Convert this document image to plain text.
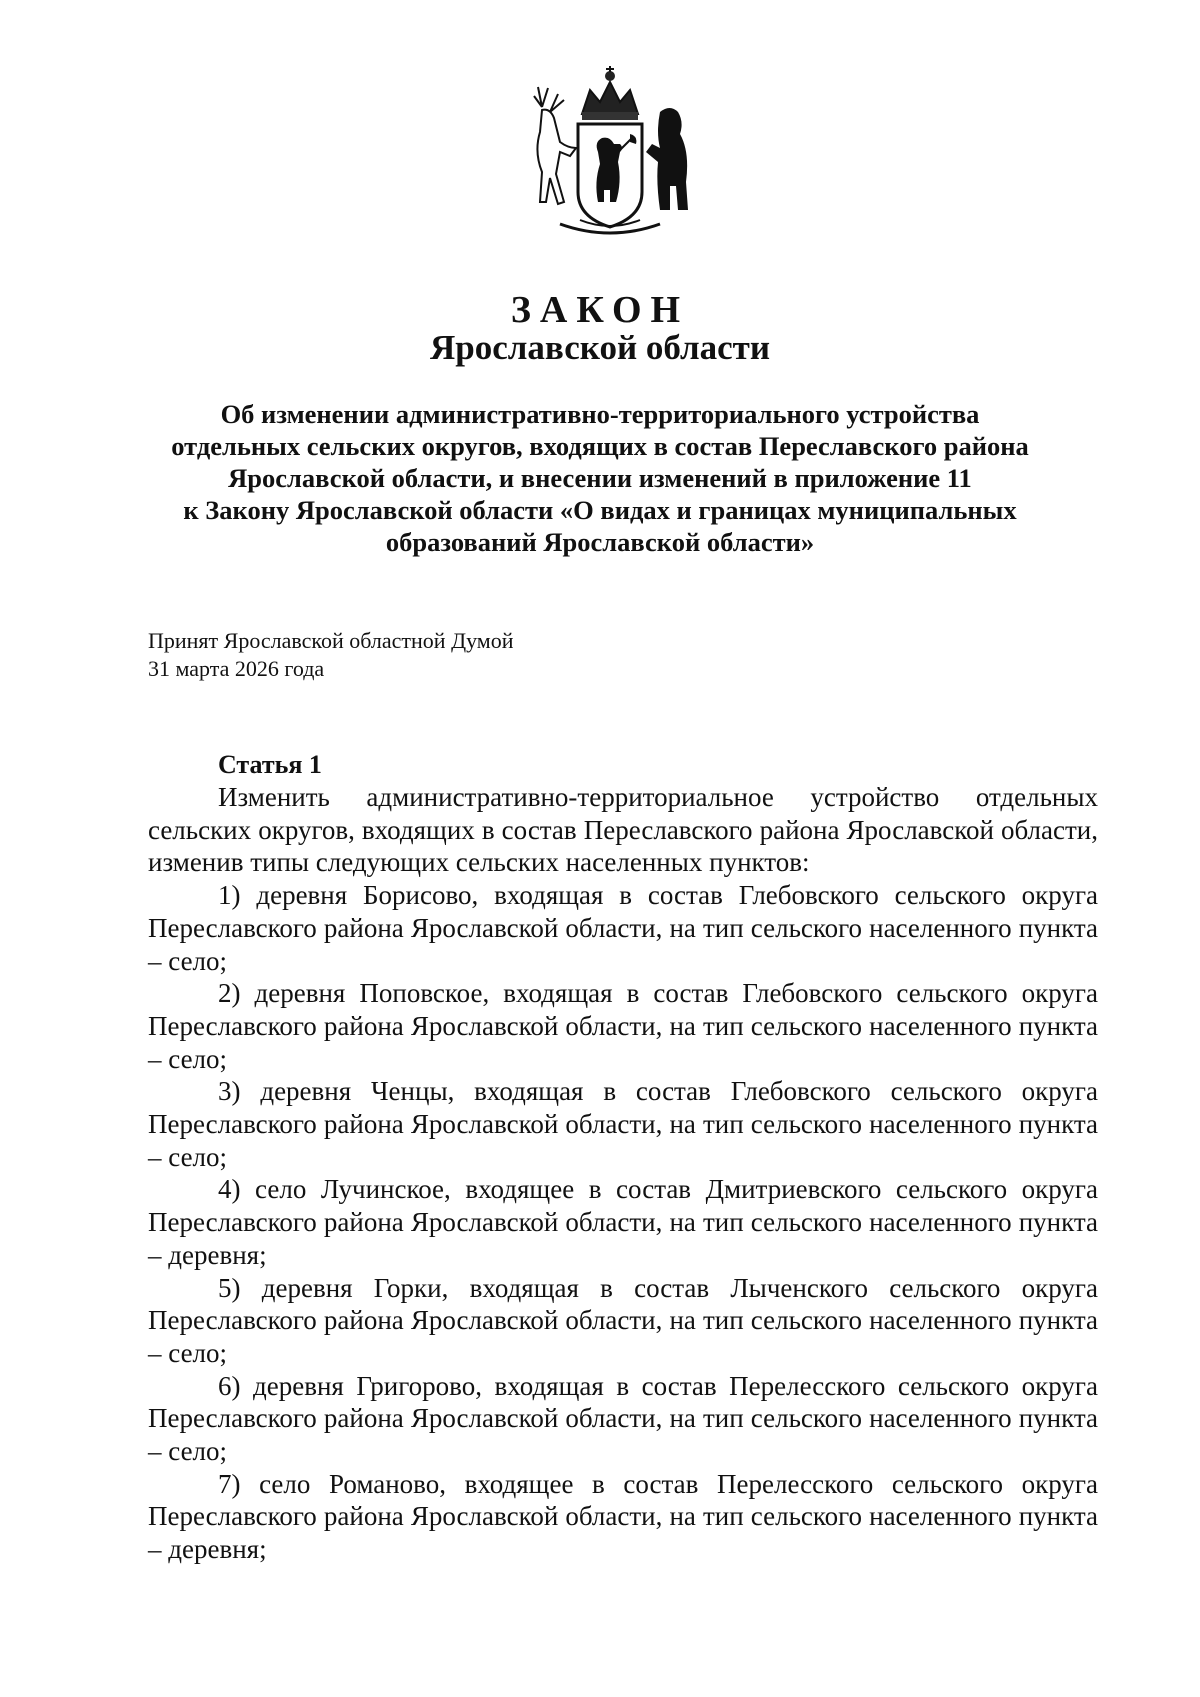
ЗАКОН
Ярославской области
Об изменении административно-территориального устройства
отдельных сельских округов, входящих в состав Переславского района
Ярославской области, и внесении изменений в приложение 11
к Закону Ярославской области «О видах и границах муниципальных
образований Ярославской области»
Принят Ярославской областной Думой
31 марта 2026 года
Статья 1

Изменить административно-территориальное устройство отдельных сельских округов, входящих в состав Переславского района Ярославской области, изменив типы следующих сельских населенных пунктов:

1) деревня Борисово, входящая в состав Глебовского сельского округа Переславского района Ярославской области, на тип сельского населенного пункта – село;

2) деревня Поповское, входящая в состав Глебовского сельского округа Переславского района Ярославской области, на тип сельского населенного пункта – село;

3) деревня Ченцы, входящая в состав Глебовского сельского округа Переславского района Ярославской области, на тип сельского населенного пункта – село;

4) село Лучинское, входящее в состав Дмитриевского сельского округа Переславского района Ярославской области, на тип сельского населенного пункта – деревня;

5) деревня Горки, входящая в состав Лыченского сельского округа Переславского района Ярославской области, на тип сельского населенного пункта – село;

6) деревня Григорово, входящая в состав Перелесского сельского округа Переславского района Ярославской области, на тип сельского населенного пункта – село;

7) село Романово, входящее в состав Перелесского сельского округа Переславского района Ярославской области, на тип сельского населенного пункта – деревня;
